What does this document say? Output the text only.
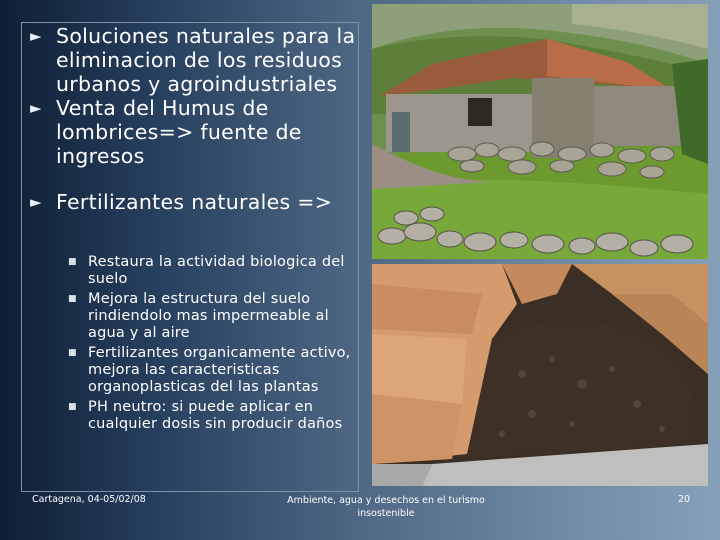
► Soluciones naturales para la eliminacion de los residuos urbanos y agroindustriales
► Venta del Humus de lombrices=> fuente de ingresos
► Fertilizantes naturales =>
■ Restaura la actividad biologica del suelo
■ Mejora la estructura del suelo rindiendolo mas impermeable al agua y al aire
■ Fertilizantes organicamente activo, mejora las caracteristicas organoplasticas del las plantas
■ PH neutro: si puede aplicar en cualquier dosis sin producir daños
Cartagena, 04-05/02/08	Ambiente, agua y desechos en el turismo
insostenible
20
